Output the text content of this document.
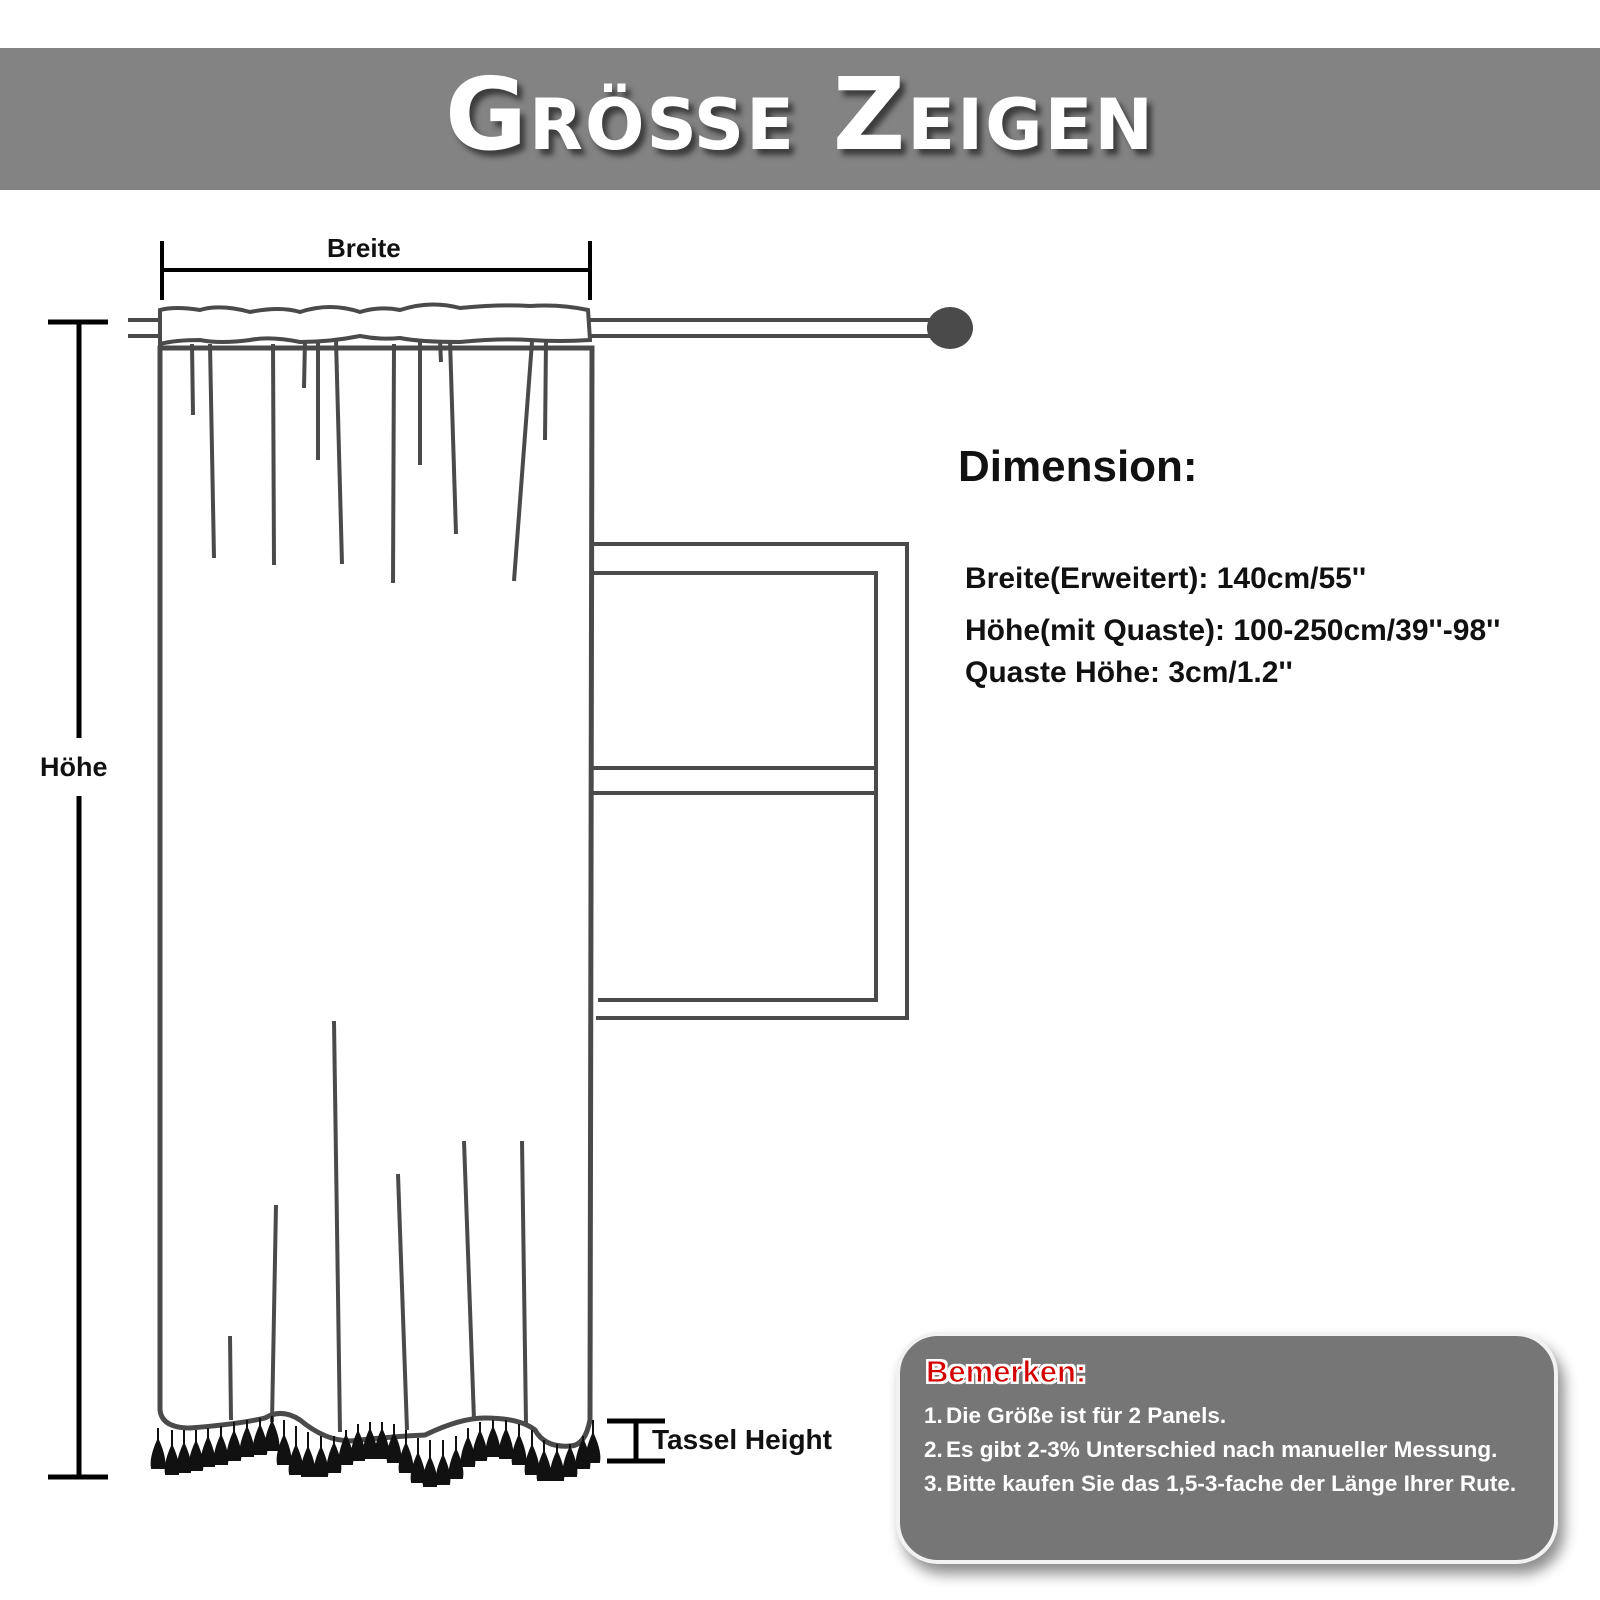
Größe Zeigen
Breite
Höhe
Tassel Height
Dimension:
Breite(Erweitert): 140cm/55''
Höhe(mit Quaste): 100-250cm/39''-98''
Quaste Höhe: 3cm/1.2''
Bemerken:
1. Die Größe ist für 2 Panels.
2. Es gibt 2-3% Unterschied nach manueller Messung.
3. Bitte kaufen Sie das 1,5-3-fache der Länge Ihrer Rute.
